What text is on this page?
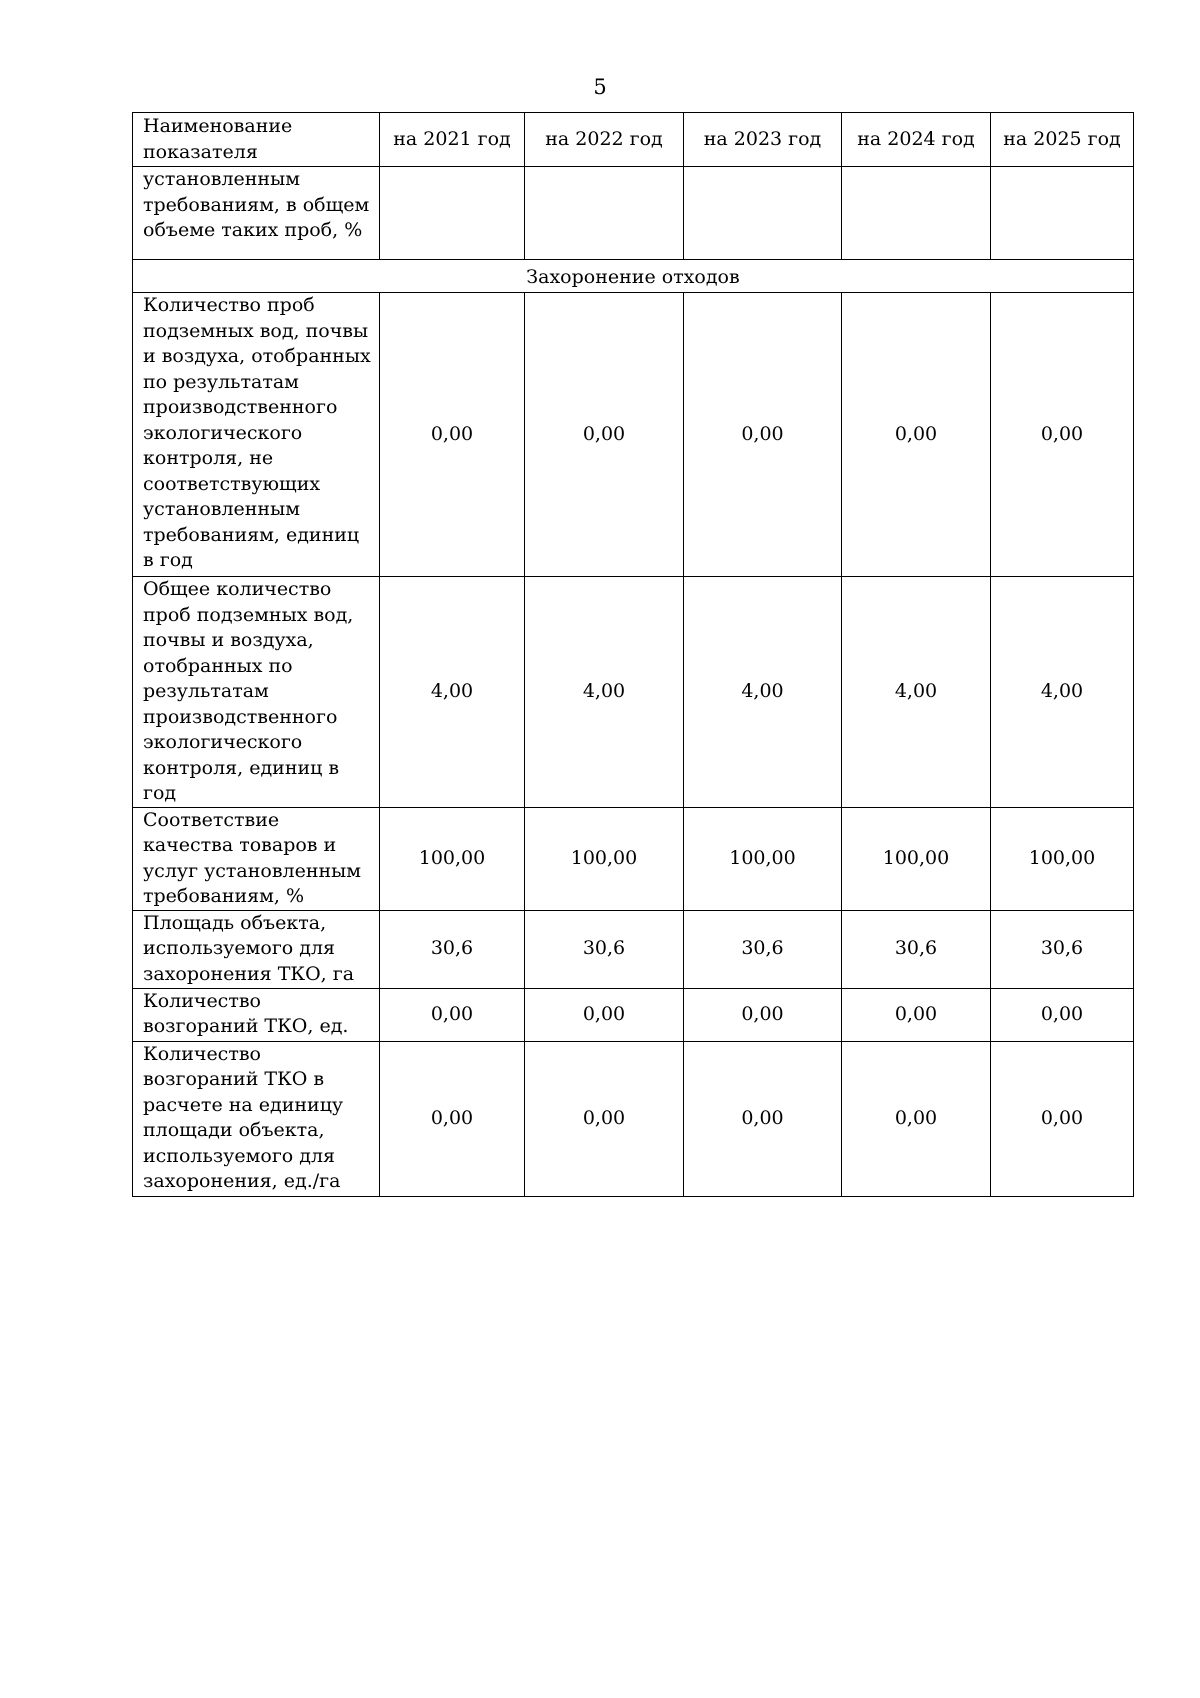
5
Наименование показателя	на 2021 год	на 2022 год	на 2023 год	на 2024 год	на 2025 год
установленным требованиям, в общем объеме таких проб, %					
Захоронение отходов					
Количество проб подземных вод, почвы и воздуха, отобранных по результатам производственного экологического контроля, не соответствующих установленным требованиям, единиц в год	0,00	0,00	0,00	0,00	0,00
Общее количество проб подземных вод, почвы и воздуха, отобранных по результатам производственного экологического контроля, единиц в год	4,00	4,00	4,00	4,00	4,00
Соответствие качества товаров и услуг установленным требованиям, %	100,00	100,00	100,00	100,00	100,00
Площадь объекта, используемого для захоронения ТКО, га	30,6	30,6	30,6	30,6	30,6
Количество возгораний ТКО, ед.	0,00	0,00	0,00	0,00	0,00
Количество возгораний ТКО в расчете на единицу площади объекта, используемого для захоронения, ед./га	0,00	0,00	0,00	0,00	0,00
